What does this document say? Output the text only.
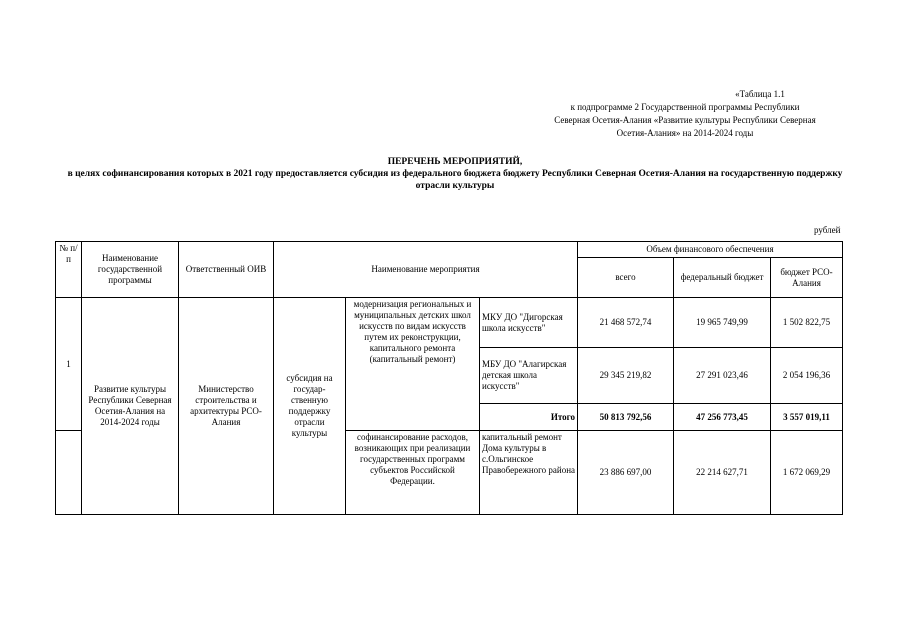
«Таблица 1.1
к подпрограмме 2 Государственной программы Республики
Северная Осетия-Алания «Развитие культуры Республики Северная
Осетия-Алания» на 2014-2024 годы
ПЕРЕЧЕНЬ МЕРОПРИЯТИЙ,
в целях софинансирования которых в 2021 году предоставляется субсидия из федерального бюджета бюджету Республики Северная Осетия-Алания на государственную поддержку отрасли культуры
рублей
№ п/п	Наименование государственной программы	Ответственный ОИВ	Наименование мероприятия			Объем финансового обеспечения		
						всего	федеральный бюджет	бюджет РСО-Алания
1	Развитие культуры Республики Северная Осетия-Алания на 2014-2024 годы	Министерство строительства и архитектуры РСО-Алания	субсидия на государ-ственную поддержку отрасли культуры	модернизация региональных и муниципальных детских школ искусств по видам искусств путем их реконструкции, капитального ремонта (капитальный ремонт)	МКУ ДО "Дигорская школа искусств"	21 468 572,74	19 965 749,99	1 502 822,75
					МБУ ДО "Алагирская детская школа искусств"	29 345 219,82	27 291 023,46	2 054 196,36
					Итого	50 813 792,56	47 256 773,45	3 557 019,11
				софинансирование расходов, возникающих при реализации государственных программ субъектов Российской Федерации.	капитальный ремонт Дома культуры в с.Ольгинское Правобережного района	23 886 697,00	22 214 627,71	1 672 069,29
